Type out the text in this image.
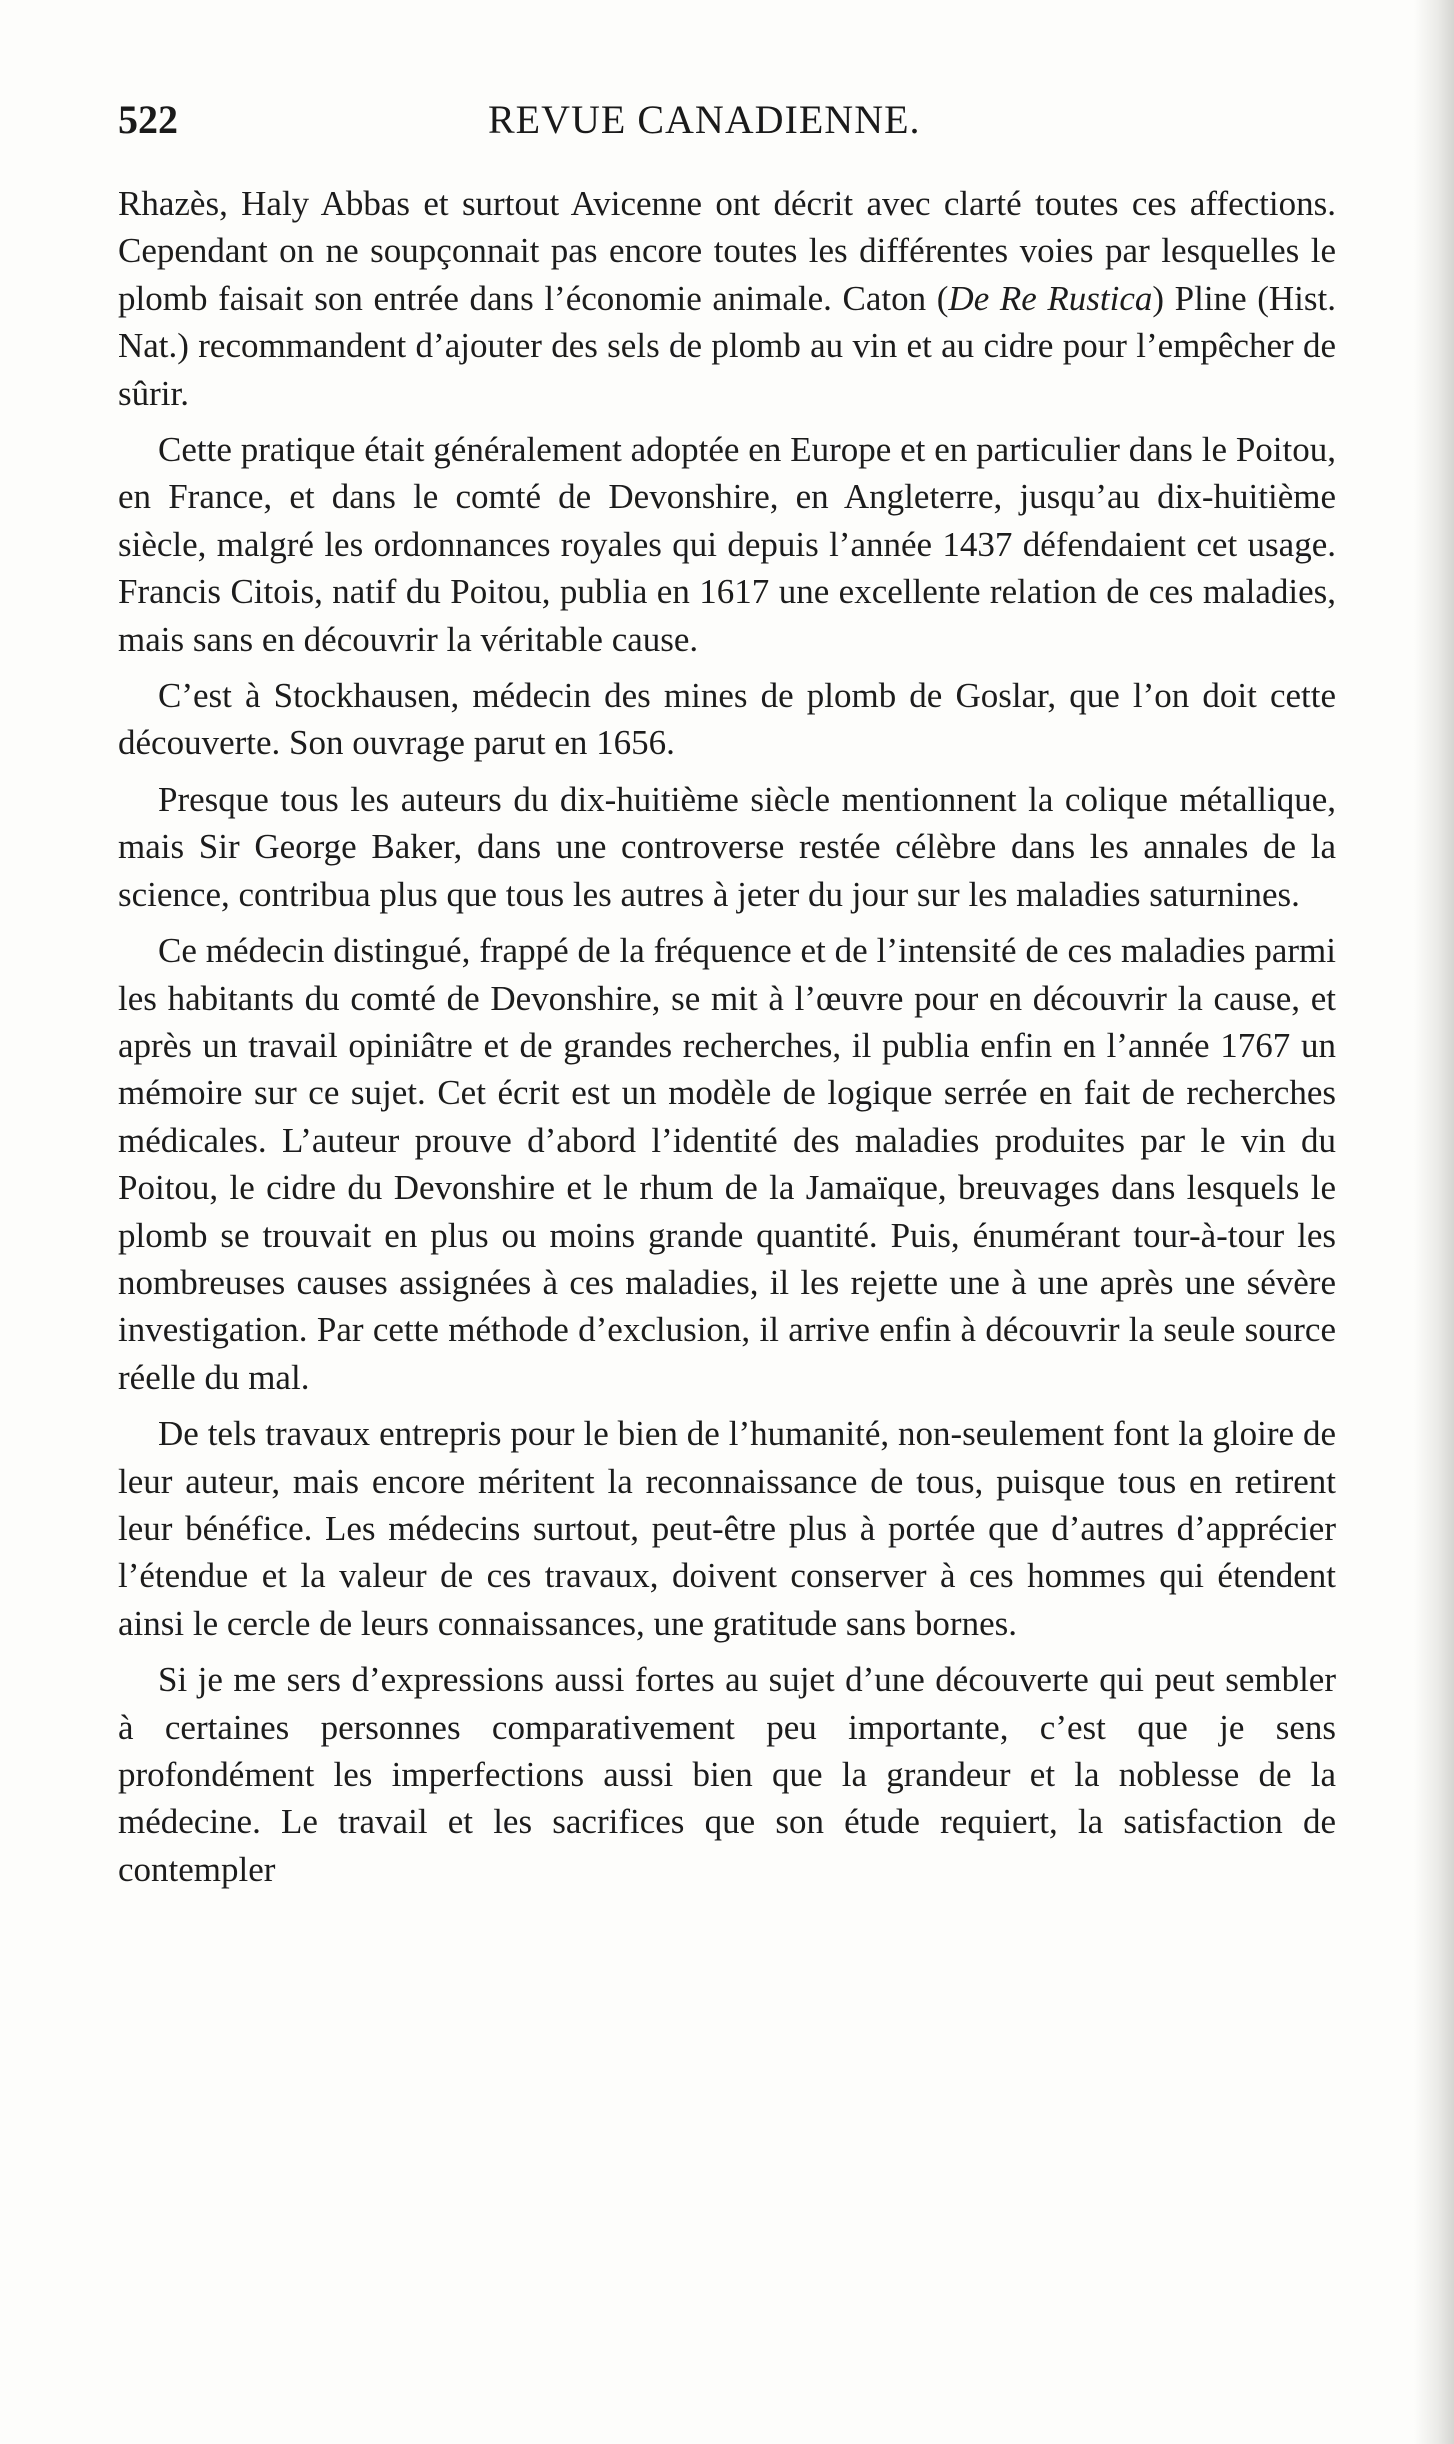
522	REVUE CANADIENNE.

Rhazès, Haly Abbas et surtout Avicenne ont décrit avec clarté toutes ces affections. Cependant on ne soupçonnait pas encore toutes les différentes voies par lesquelles le plomb faisait son entrée dans l’économie animale. Caton (De Re Rustica) Pline (Hist. Nat.) recommandent d’ajouter des sels de plomb au vin et au cidre pour l’empêcher de sûrir.

Cette pratique était généralement adoptée en Europe et en particulier dans le Poitou, en France, et dans le comté de Devonshire, en Angleterre, jusqu’au dix-huitième siècle, malgré les ordonnances royales qui depuis l’année 1437 défendaient cet usage. Francis Citois, natif du Poitou, publia en 1617 une excellente relation de ces maladies, mais sans en découvrir la véritable cause.

C’est à Stockhausen, médecin des mines de plomb de Goslar, que l’on doit cette découverte. Son ouvrage parut en 1656.

Presque tous les auteurs du dix-huitième siècle mentionnent la colique métallique, mais Sir George Baker, dans une controverse restée célèbre dans les annales de la science, contribua plus que tous les autres à jeter du jour sur les maladies saturnines.

Ce médecin distingué, frappé de la fréquence et de l’intensité de ces maladies parmi les habitants du comté de Devonshire, se mit à l’œuvre pour en découvrir la cause, et après un travail opiniâtre et de grandes recherches, il publia enfin en l’année 1767 un mémoire sur ce sujet. Cet écrit est un modèle de logique serrée en fait de recherches médicales. L’auteur prouve d’abord l’identité des maladies produites par le vin du Poitou, le cidre du Devonshire et le rhum de la Jamaïque, breuvages dans lesquels le plomb se trouvait en plus ou moins grande quantité. Puis, énumérant tour-à-tour les nombreuses causes assignées à ces maladies, il les rejette une à une après une sévère investigation. Par cette méthode d’exclusion, il arrive enfin à découvrir la seule source réelle du mal.

De tels travaux entrepris pour le bien de l’humanité, non-seulement font la gloire de leur auteur, mais encore méritent la reconnaissance de tous, puisque tous en retirent leur bénéfice. Les médecins surtout, peut-être plus à portée que d’autres d’apprécier l’étendue et la valeur de ces travaux, doivent conserver à ces hommes qui étendent ainsi le cercle de leurs connaissances, une gratitude sans bornes.

Si je me sers d’expressions aussi fortes au sujet d’une découverte qui peut sembler à certaines personnes comparativement peu importante, c’est que je sens profondément les imperfections aussi bien que la grandeur et la noblesse de la médecine. Le travail et les sacrifices que son étude requiert, la satisfaction de contempler
